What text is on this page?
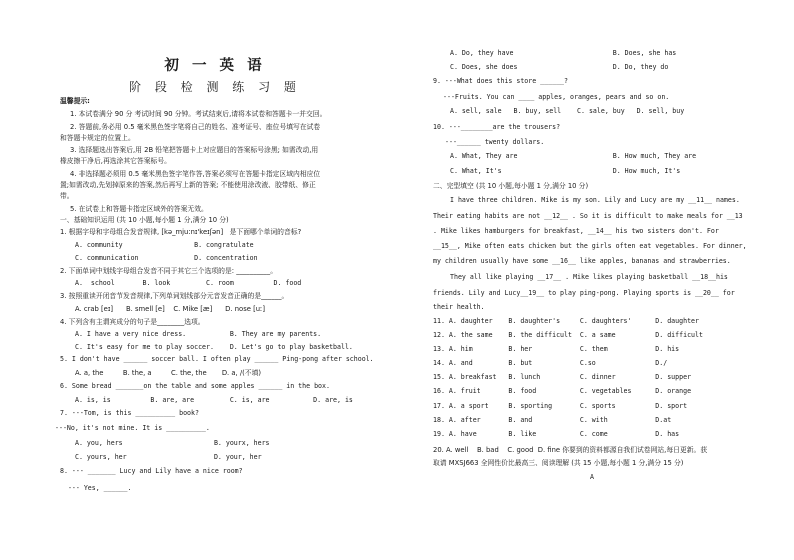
初 一 英 语
阶 段 检 测 练 习 题
温馨提示:
1. 本试卷满分 90 分 考试时间 90 分钟。考试结束后,请将本试卷和答题卡一并交回。
2. 答题前,务必用 0.5 毫米黑色签字笔将自己的姓名、准考证号、座位号填写在试卷
和答题卡规定的位置上。
3. 选择题选出答案后,用 2B 铅笔把答题卡上对应题目的答案标号涂黑; 如需改动,用
橡皮擦干净后,再选涂其它答案标号。
4. 非选择题必须用 0.5 毫米黑色签字笔作答,答案必须写在答题卡指定区域内相应位
置;如需改动,先划掉原来的答案,然后再写上新的答案; 不能使用涂改液、胶带纸、修正
带。
5. 在试卷上和答题卡指定区域外的答案无效。
一、基础知识运用 (共 10 小题,每小题 1 分,满分 10 分)
1. 根据字母和字母组合发音规律, [kə_mju:nɪ'keɪʃən]   是下面哪个单词的音标?
A. community                  B. congratulate
C. communication              D. concentration
2. 下面单词中划线字母组合发音不同于其它三个选项的是: __________。
A.  school       B. look         C. room          D. food
3. 按照重读开闭音节发音规律,下列单词划线部分元音发音正确的是______。
A. crab [eɪ]      B. smell [e]    C. Mike [æ]      D. nose [uː]
4. 下列含有主谓宾成分的句子是________选项。
A. I have a very nice dress.           B. They are my parents.
C. It's easy for me to play soccer.    D. Let's go to play basketball.
5. I don't have ______ soccer ball. I often play ______ Ping-pong after school.
A. a, the         B. the, a         C. the, the       D. a, /(不填)
6. Some bread _______on the table and some apples ______ in the box.
A. is, is          B. are, are         C. is, are           D. are, is
7. ---Tom, is this __________ book?
---No, it's not mine. It is __________.
A. you, hers                       B. yourx, hers
C. yours, her                      D. your, her
8. --- _______ Lucy and Lily have a nice room?
--- Yes, ______.
A. Do, they have                         B. Does, she has
C. Does, she does                        D. Do, they do
9. ---What does this store ______?
---Fruits. You can ____ apples, oranges, pears and so on.
A. sell, sale   B. buy, sell    C. sale, buy   D. sell, buy
10. ---________are the trousers?
---______ twenty dollars.
A. What, They are                        B. How much, They are
C. What, It's                            D. How much, It's
二、完型填空 (共 10 小题,每小题 1 分,满分 10 分)
I have three children. Mike is my son. Lily and Lucy are my __11__ names.
Their eating habits are not __12__ . So it is difficult to make meals for __13
. Mike likes hamburgers for breakfast, __14__ his two sisters don't. For
__15__, Mike often eats chicken but the girls often eat vegetables. For dinner,
my children usually have some __16__ like apples, bananas and strawberries.
They all like playing __17__ . Mike likes playing basketball __18__his
friends. Lily and Lucy__19__ to play ping-pong. Playing sports is __20__ for
their health.
11. A. daughter    B. daughter's     C. daughters'      D. daughter
12. A. the same    B. the difficult  C. a same          D. difficult
13. A. him         B. her            C. them            D. his
14. A. and         B. but            C.so               D./
15. A. breakfast   B. lunch          C. dinner          D. supper
16. A. fruit       B. food           C. vegetables      D. orange
17. A. a sport     B. sporting       C. sports          D. sport
18. A. after       B. and            C. with            D.at
19. A. have        B. like           C. come            D. has
20. A. well    B. bad    C. good  D. fine 你要到的资料都源自我们试卷网站,每日更新。获
取请 MXSJ663 全网性价比最高三、阅读理解 (共 15 小题,每小题 1 分,满分 15 分)
A
